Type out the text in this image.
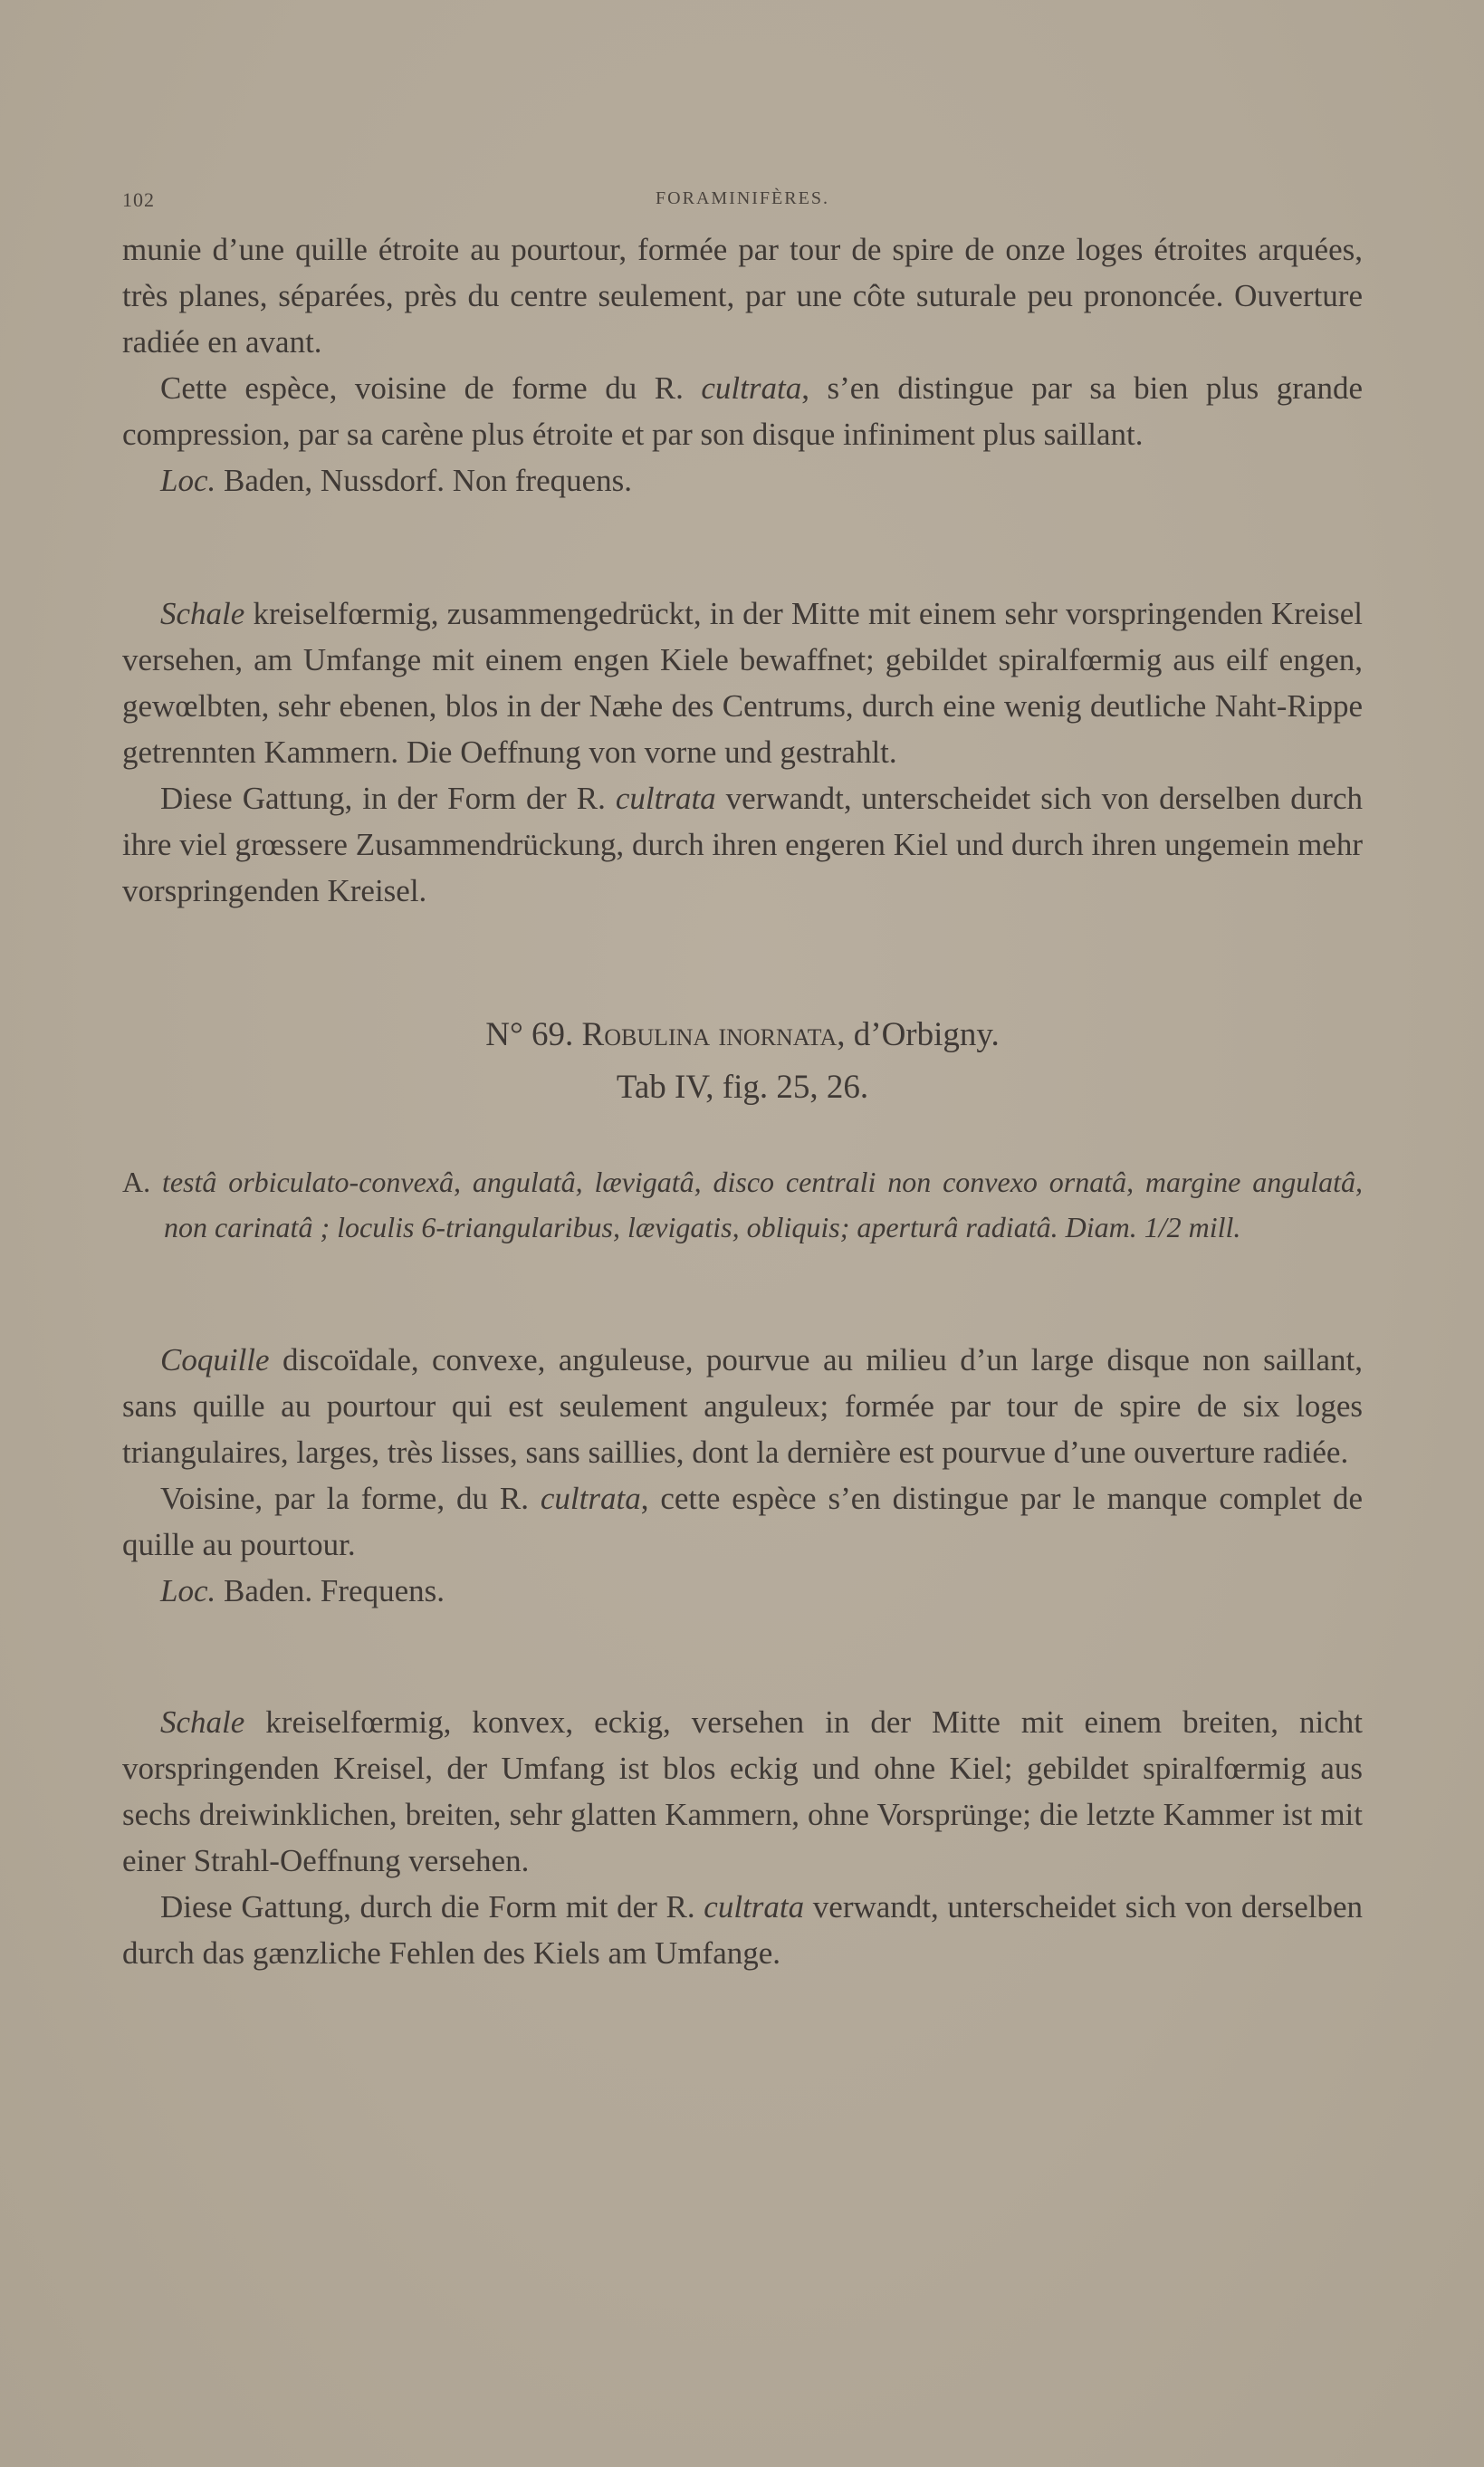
102	FORAMINIFÈRES.

munie d’une quille étroite au pourtour, formée par tour de spire de onze loges étroites arquées, très planes, séparées, près du centre seulement, par une côte suturale peu prononcée. Ouverture radiée en avant.

Cette espèce, voisine de forme du R. cultrata, s’en distingue par sa bien plus grande compression, par sa carène plus étroite et par son disque infiniment plus saillant.

Loc. Baden, Nussdorf. Non frequens.

Schale kreiselfœrmig, zusammengedrückt, in der Mitte mit einem sehr vorspringenden Kreisel versehen, am Umfange mit einem engen Kiele bewaffnet; gebildet spiralfœrmig aus eilf engen, gewœlbten, sehr ebenen, blos in der Næhe des Centrums, durch eine wenig deutliche Naht-Rippe getrennten Kammern. Die Oeffnung von vorne und gestrahlt.

Diese Gattung, in der Form der R. cultrata verwandt, unterscheidet sich von derselben durch ihre viel grœssere Zusammendrückung, durch ihren engeren Kiel und durch ihren ungemein mehr vorspringenden Kreisel.

N° 69. Robulina inornata, d’Orbigny.
Tab IV, fig. 25, 26.
A. testâ orbiculato-convexâ, angulatâ, lævigatâ, disco centrali non convexo ornatâ, margine angulatâ, non carinatâ ; loculis 6-triangularibus, lævigatis, obliquis; aperturâ radiatâ. Diam. 1/2 mill.

Coquille discoïdale, convexe, anguleuse, pourvue au milieu d’un large disque non saillant, sans quille au pourtour qui est seulement anguleux; formée par tour de spire de six loges triangulaires, larges, très lisses, sans saillies, dont la dernière est pourvue d’une ouverture radiée.

Voisine, par la forme, du R. cultrata, cette espèce s’en distingue par le manque complet de quille au pourtour.

Loc. Baden. Frequens.

Schale kreiselfœrmig, konvex, eckig, versehen in der Mitte mit einem breiten, nicht vorspringenden Kreisel, der Umfang ist blos eckig und ohne Kiel; gebildet spiralfœrmig aus sechs dreiwinklichen, breiten, sehr glatten Kammern, ohne Vorsprünge; die letzte Kammer ist mit einer Strahl-Oeffnung versehen.

Diese Gattung, durch die Form mit der R. cultrata verwandt, unterscheidet sich von derselben durch das gænzliche Fehlen des Kiels am Umfange.
